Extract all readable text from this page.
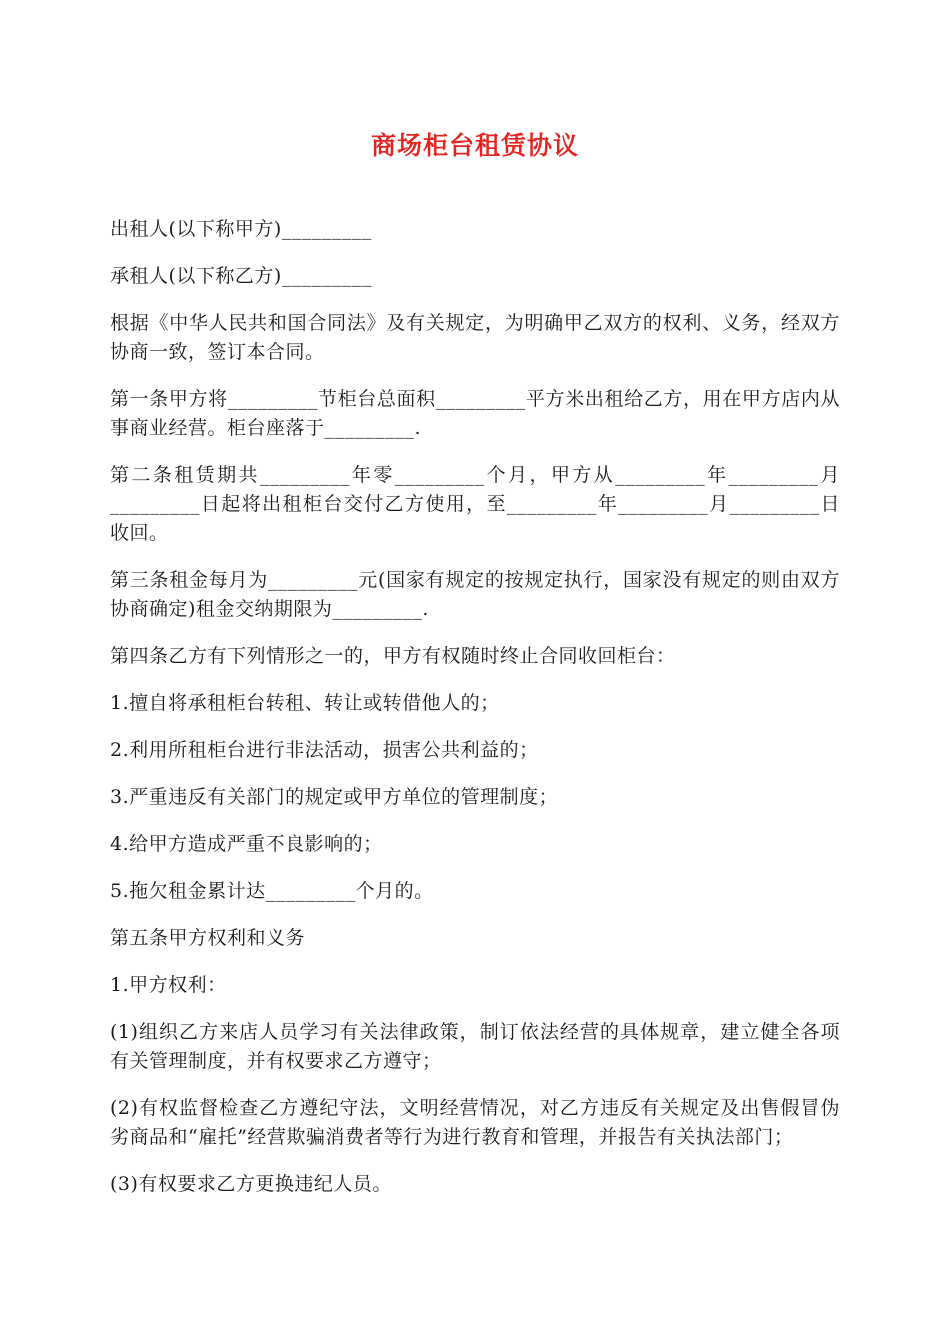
商场柜台租赁协议

出租人(以下称甲方)_________

承租人(以下称乙方)_________

根据《中华人民共和国合同法》及有关规定，为明确甲乙双方的权利、义务，经双方协商一致，签订本合同。

第一条甲方将_________节柜台总面积_________平方米出租给乙方，用在甲方店内从事商业经营。柜台座落于_________.

第二条租赁期共_________年零_________个月，甲方从_________年_________月_________日起将出租柜台交付乙方使用，至_________年_________月_________日收回。

第三条租金每月为_________元(国家有规定的按规定执行，国家没有规定的则由双方协商确定)租金交纳期限为_________.

第四条乙方有下列情形之一的，甲方有权随时终止合同收回柜台：

1.擅自将承租柜台转租、转让或转借他人的；

2.利用所租柜台进行非法活动，损害公共利益的；

3.严重违反有关部门的规定或甲方单位的管理制度；

4.给甲方造成严重不良影响的；

5.拖欠租金累计达_________个月的。

第五条甲方权利和义务

1.甲方权利：

(1)组织乙方来店人员学习有关法律政策，制订依法经营的具体规章，建立健全各项有关管理制度，并有权要求乙方遵守；

(2)有权监督检查乙方遵纪守法，文明经营情况，对乙方违反有关规定及出售假冒伪劣商品和“雇托”经营欺骗消费者等行为进行教育和管理，并报告有关执法部门；

(3)有权要求乙方更换违纪人员。
